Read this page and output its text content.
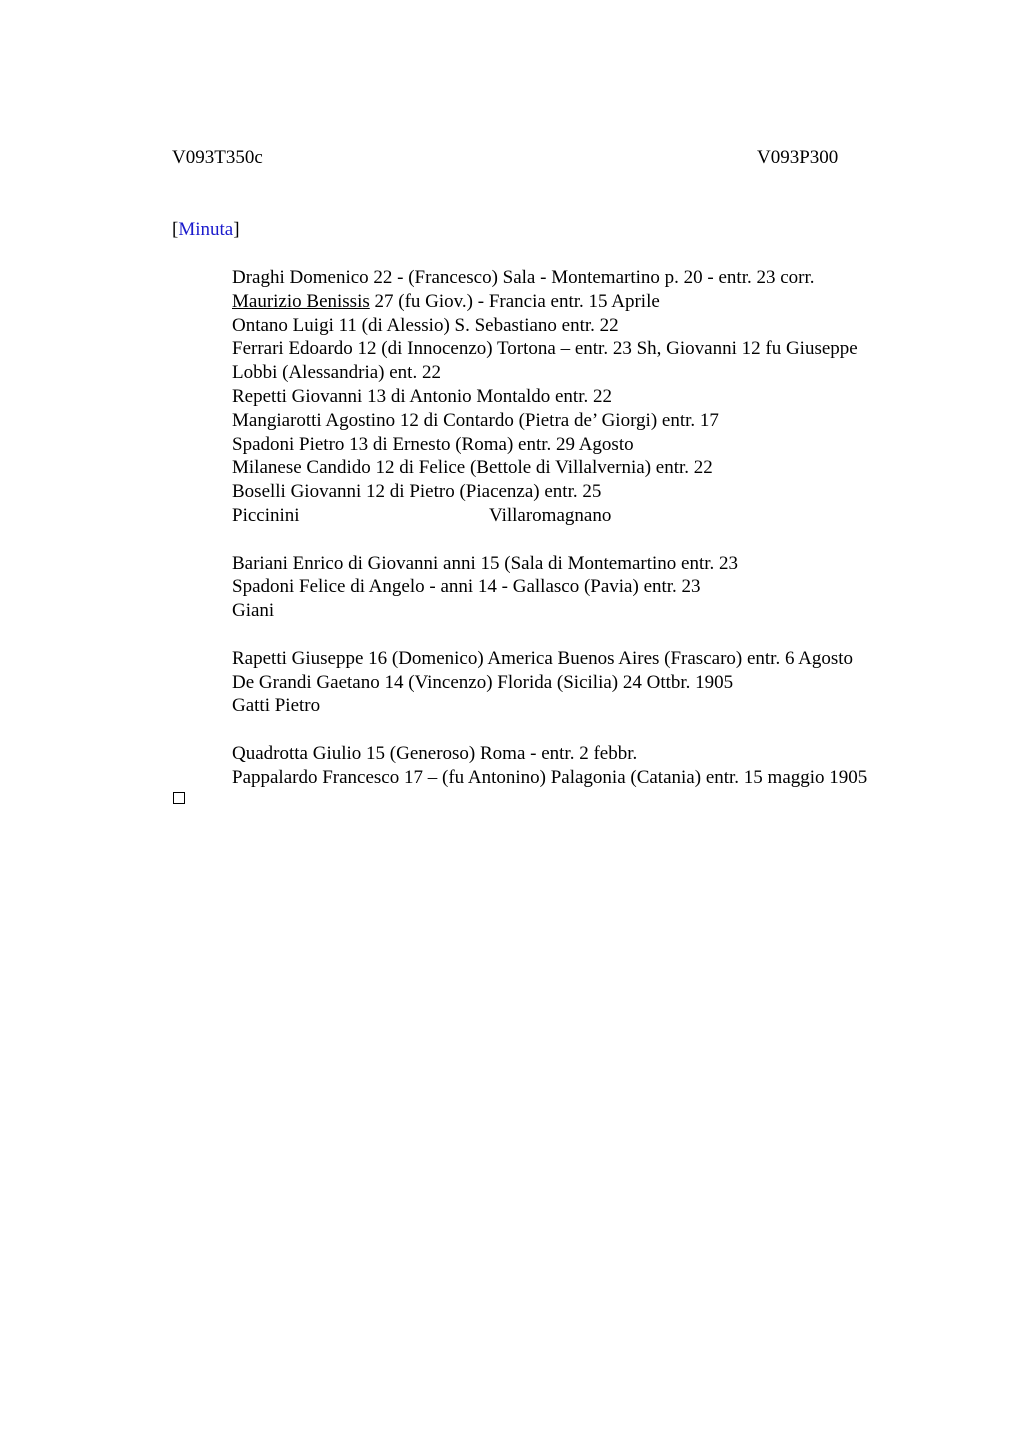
V093T350c	V093P300
[Minuta]
Draghi Domenico 22 - (Francesco) Sala - Montemartino p. 20 - entr. 23 corr.
Maurizio Benissis 27 (fu Giov.) - Francia entr. 15 Aprile
Ontano Luigi 11 (di Alessio) S. Sebastiano entr. 22
Ferrari Edoardo 12 (di Innocenzo) Tortona – entr. 23 Sh, Giovanni 12 fu Giuseppe
Lobbi (Alessandria) ent. 22
Repetti Giovanni 13 di Antonio Montaldo entr. 22
Mangiarotti Agostino 12 di Contardo (Pietra de’ Giorgi) entr. 17
Spadoni Pietro 13 di Ernesto (Roma) entr. 29 Agosto
Milanese Candido 12 di Felice (Bettole di Villalvernia) entr. 22
Boselli Giovanni 12 di Pietro (Piacenza) entr. 25
Piccinini	Villaromagnano
Bariani Enrico di Giovanni anni 15 (Sala di Montemartino entr. 23
Spadoni Felice di Angelo - anni 14 - Gallasco (Pavia) entr. 23
Giani
Rapetti Giuseppe 16 (Domenico) America Buenos Aires (Frascaro) entr. 6 Agosto
De Grandi Gaetano 14 (Vincenzo) Florida (Sicilia) 24 Ottbr. 1905
Gatti Pietro
Quadrotta Giulio 15 (Generoso) Roma - entr. 2 febbr.
Pappalardo Francesco 17 – (fu Antonino) Palagonia (Catania) entr. 15 maggio 1905
